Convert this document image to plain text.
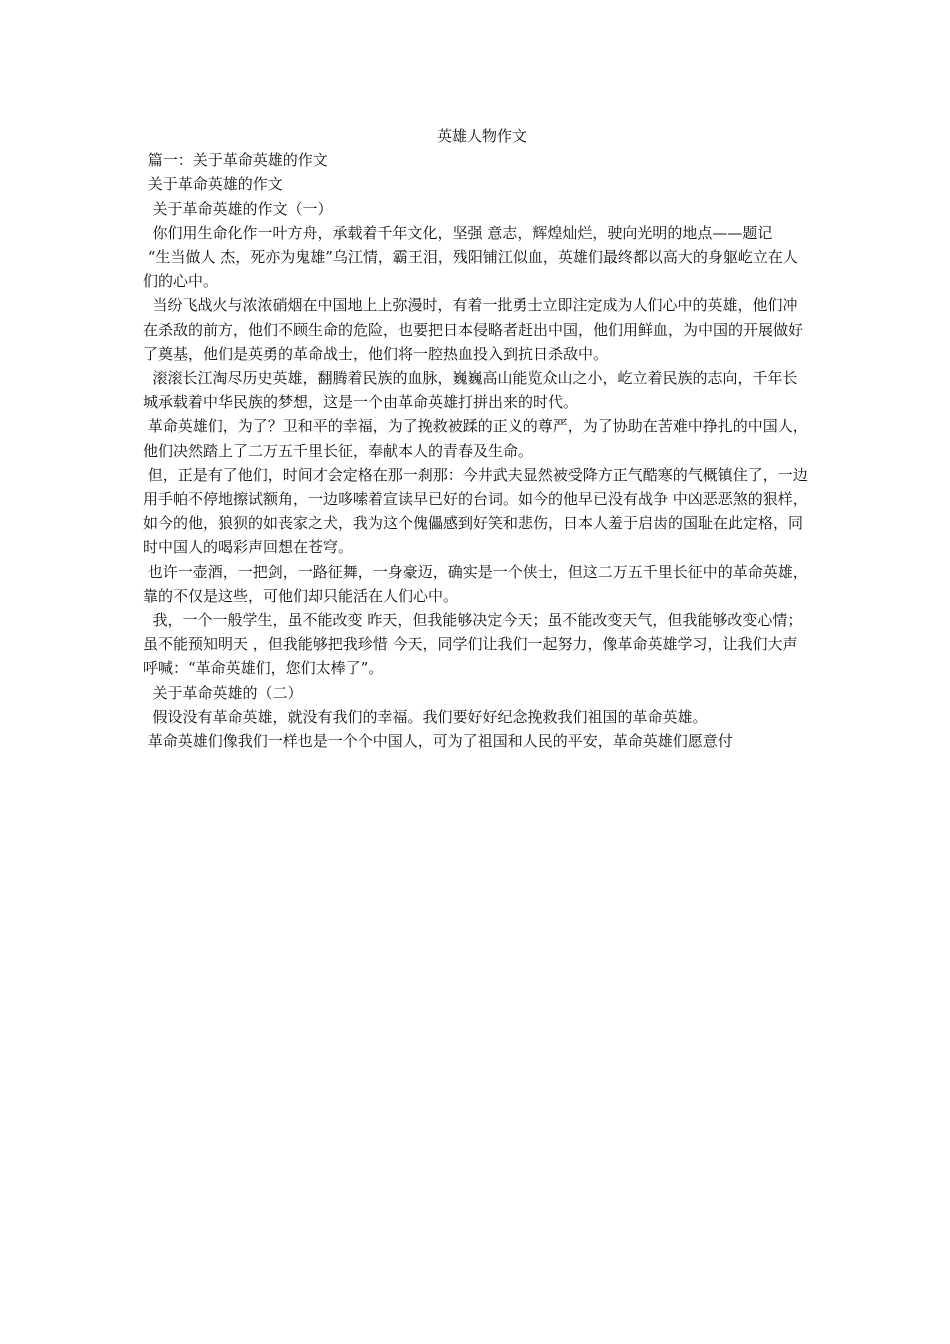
英雄人物作文

篇一：关于革命英雄的作文

关于革命英雄的作文

关于革命英雄的作文（一）

你们用生命化作一叶方舟，承载着千年文化，坚强 意志，辉煌灿烂，驶向光明的地点——题记

“生当做人 杰，死亦为鬼雄”乌江情，霸王泪，残阳铺江似血，英雄们最终都以高大的身躯屹立在人们的心中。

当纷飞战火与浓浓硝烟在中国地上上弥漫时，有着一批勇士立即注定成为人们心中的英雄，他们冲在杀敌的前方，他们不顾生命的危险，也要把日本侵略者赶出中国，他们用鲜血，为中国的开展做好了奠基，他们是英勇的革命战士，他们将一腔热血投入到抗日杀敌中。

滚滚长江淘尽历史英雄，翻腾着民族的血脉，巍巍高山能览众山之小，屹立着民族的志向，千年长城承载着中华民族的梦想，这是一个由革命英雄打拼出来的时代。

革命英雄们，为了？卫和平的幸福，为了挽救被蹂的正义的尊严，为了协助在苦难中挣扎的中国人，他们决然踏上了二万五千里长征，奉献本人的青春及生命。

但，正是有了他们，时间才会定格在那一刹那：今井武夫显然被受降方正气酷寒的气概镇住了，一边用手帕不停地擦试额角，一边哆嗦着宣读早已好的台词。如今的他早已没有战争 中凶恶恶煞的狠样，如今的他，狼狈的如丧家之犬，我为这个傀儡感到好笑和悲伤，日本人羞于启齿的国耻在此定格，同时中国人的喝彩声回想在苍穹。

也许一壶酒，一把剑，一路征舞，一身豪迈，确实是一个侠士，但这二万五千里长征中的革命英雄，靠的不仅是这些，可他们却只能活在人们心中。

我，一个一般学生，虽不能改变 昨天，但我能够决定今天；虽不能改变天气，但我能够改变心情；虽不能预知明天 ，但我能够把我珍惜 今天，同学们让我们一起努力，像革命英雄学习，让我们大声呼喊：“革命英雄们，您们太棒了”。

关于革命英雄的（二）

假设没有革命英雄，就没有我们的幸福。我们要好好纪念挽救我们祖国的革命英雄。

革命英雄们像我们一样也是一个个中国人，可为了祖国和人民的平安，革命英雄们愿意付
